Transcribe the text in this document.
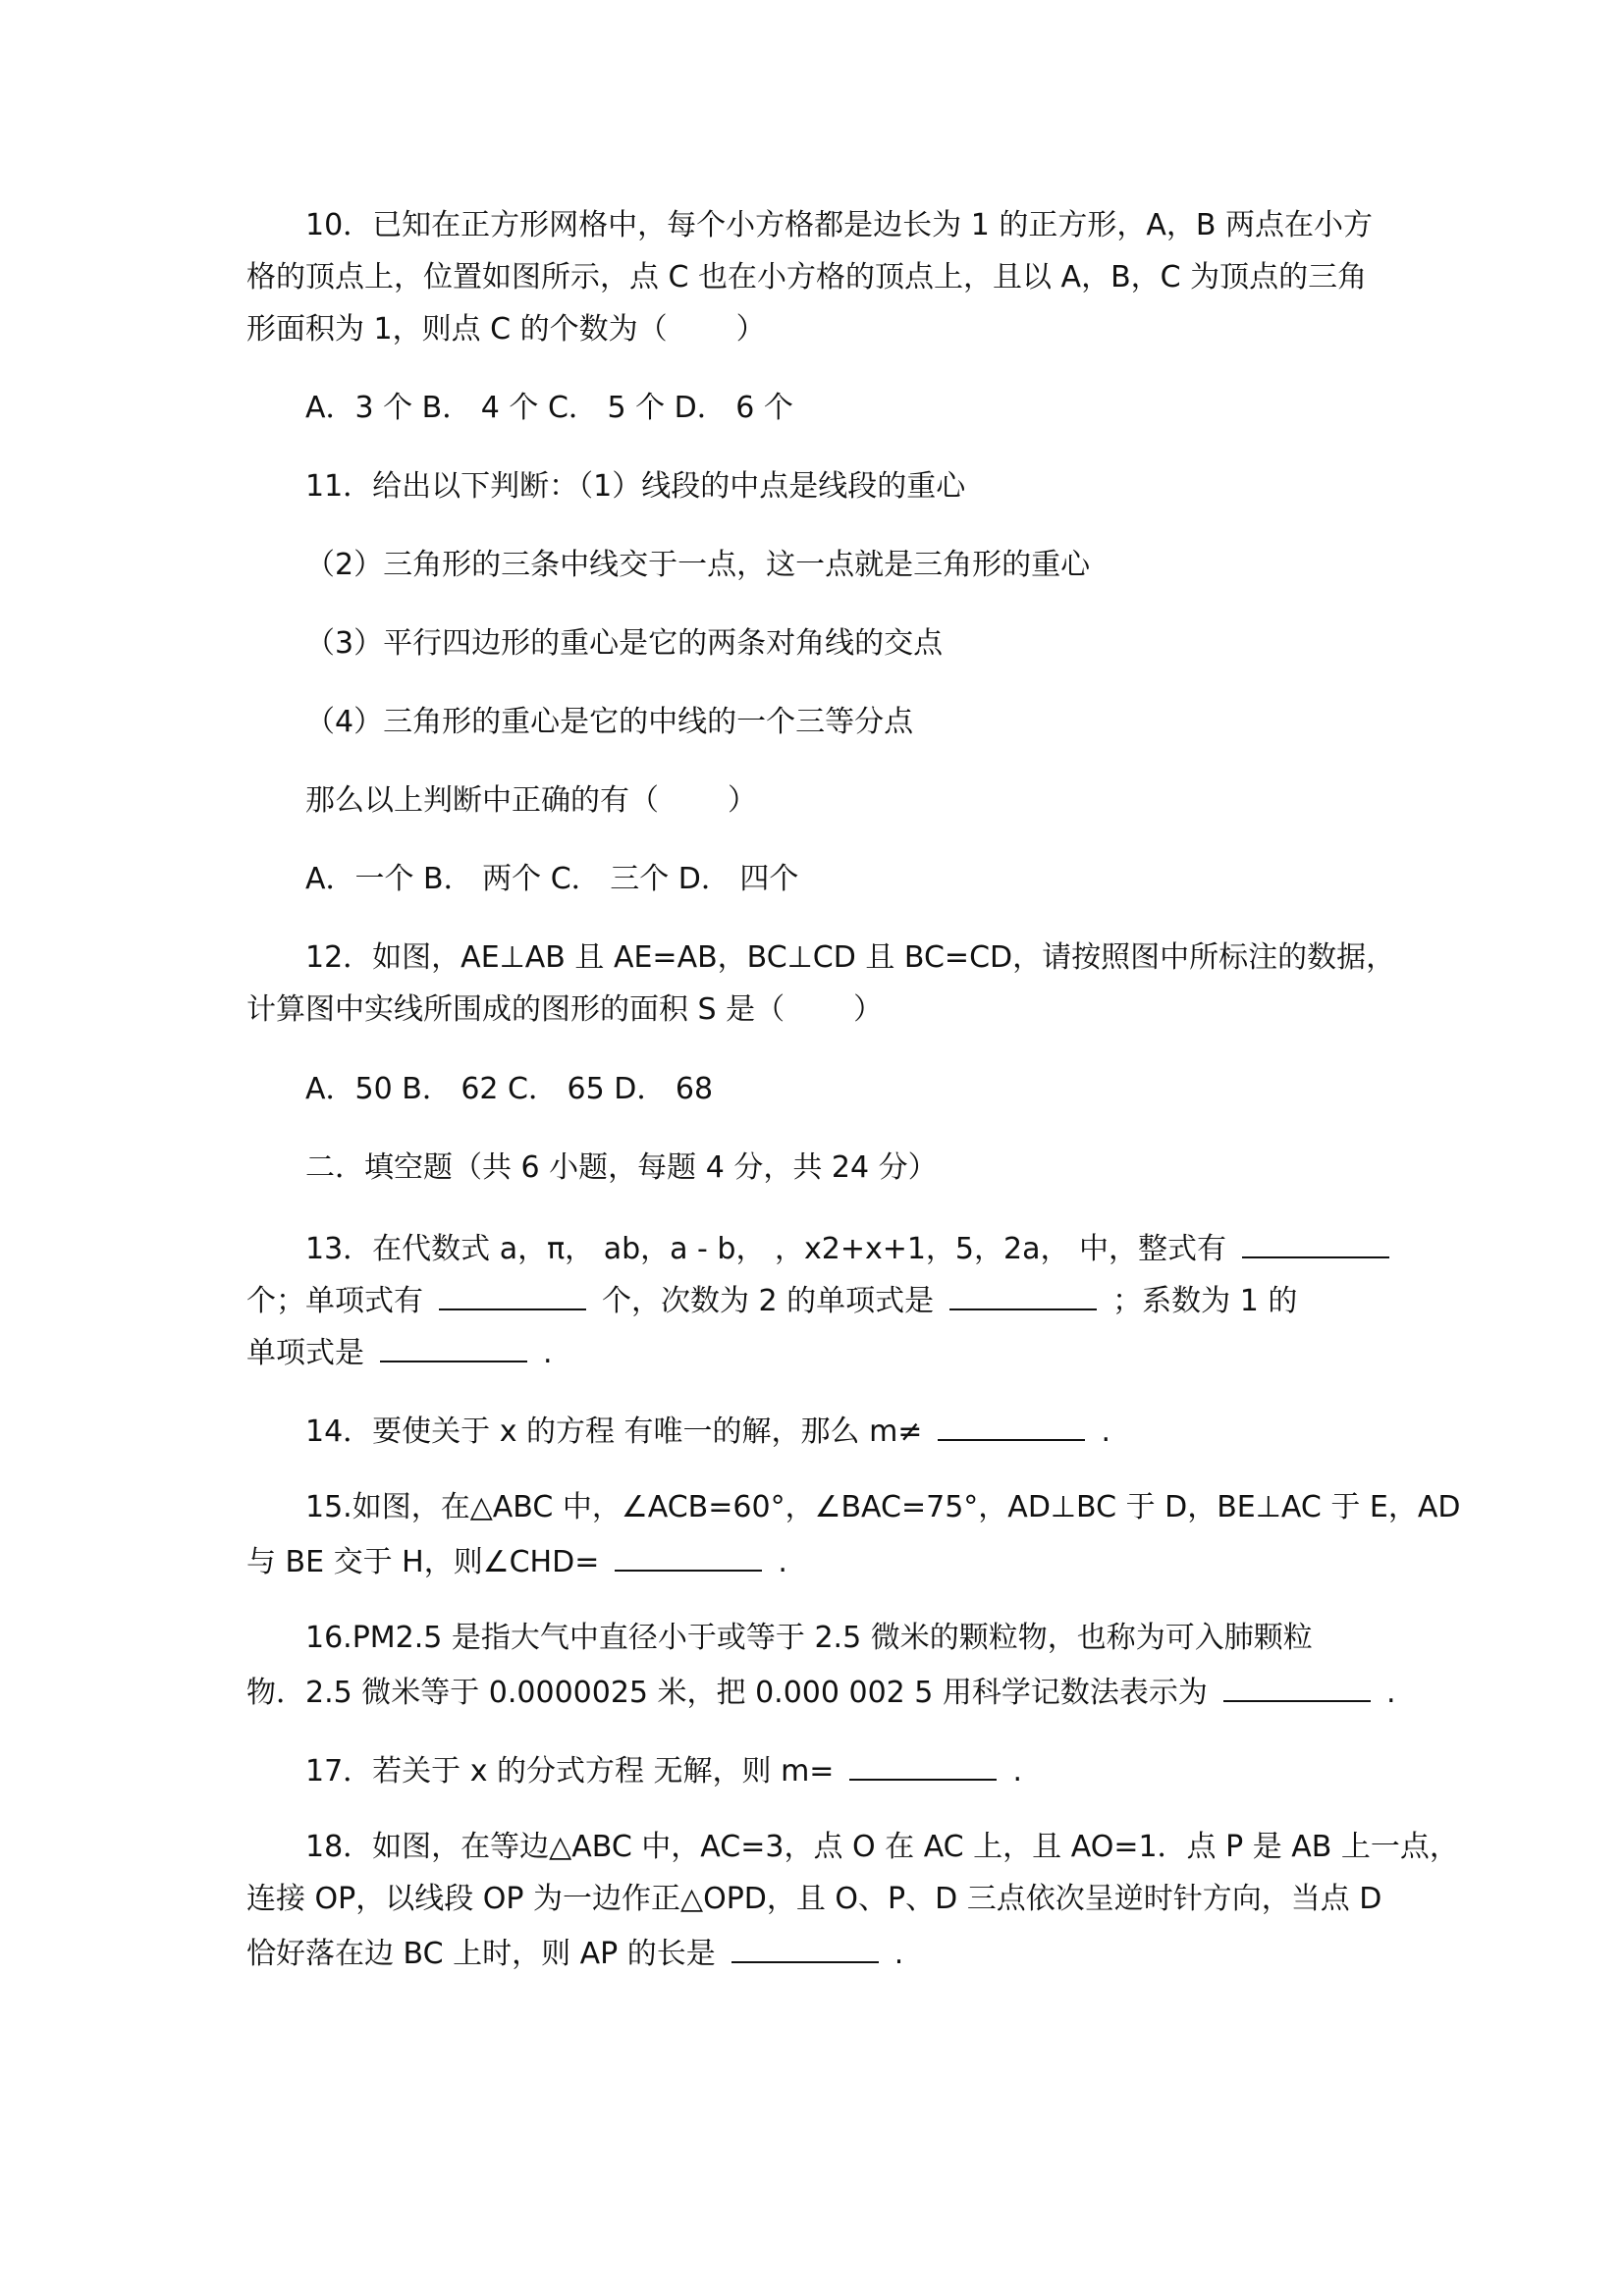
10．已知在正方形网格中，每个小方格都是边长为 1 的正方形，A，B 两点在小方
格的顶点上，位置如图所示，点 C 也在小方格的顶点上，且以 A，B，C 为顶点的三角
形面积为 1，则点 C 的个数为（ ）
A．3 个 B． 4 个 C． 5 个 D． 6 个
11．给出以下判断：（1）线段的中点是线段的重心
（2）三角形的三条中线交于一点，这一点就是三角形的重心
（3）平行四边形的重心是它的两条对角线的交点
（4）三角形的重心是它的中线的一个三等分点
那么以上判断中正确的有（ ）
A．一个 B． 两个 C． 三个 D． 四个
12．如图，AE⊥AB 且 AE=AB，BC⊥CD 且 BC=CD，请按照图中所标注的数据，
计算图中实线所围成的图形的面积 S 是（ ）
A．50 B． 62 C． 65 D． 68
二．填空题（共 6 小题，每题 4 分，共 24 分）
13．在代数式 a，π， ab，a - b， ，x2+x+1，5，2a， 中，整式有
个；单项式有	个，次数为 2 的单项式是	；系数为 1 的
单项式是	.
14．要使关于 x 的方程 有唯一的解，那么 m≠	.
15.如图，在△ABC 中，∠ACB=60°，∠BAC=75°，AD⊥BC 于 D，BE⊥AC 于 E，AD
与 BE 交于 H，则∠CHD=	.
16.PM2.5 是指大气中直径小于或等于 2.5 微米的颗粒物，也称为可入肺颗粒
物．2.5 微米等于 0.0000025 米，把 0.000 002 5 用科学记数法表示为	.
17．若关于 x 的分式方程 无解，则 m=	.
18．如图，在等边△ABC 中，AC=3，点 O 在 AC 上，且 AO=1．点 P 是 AB 上一点，
连接 OP，以线段 OP 为一边作正△OPD，且 O、P、D 三点依次呈逆时针方向，当点 D
恰好落在边 BC 上时，则 AP 的长是	.
